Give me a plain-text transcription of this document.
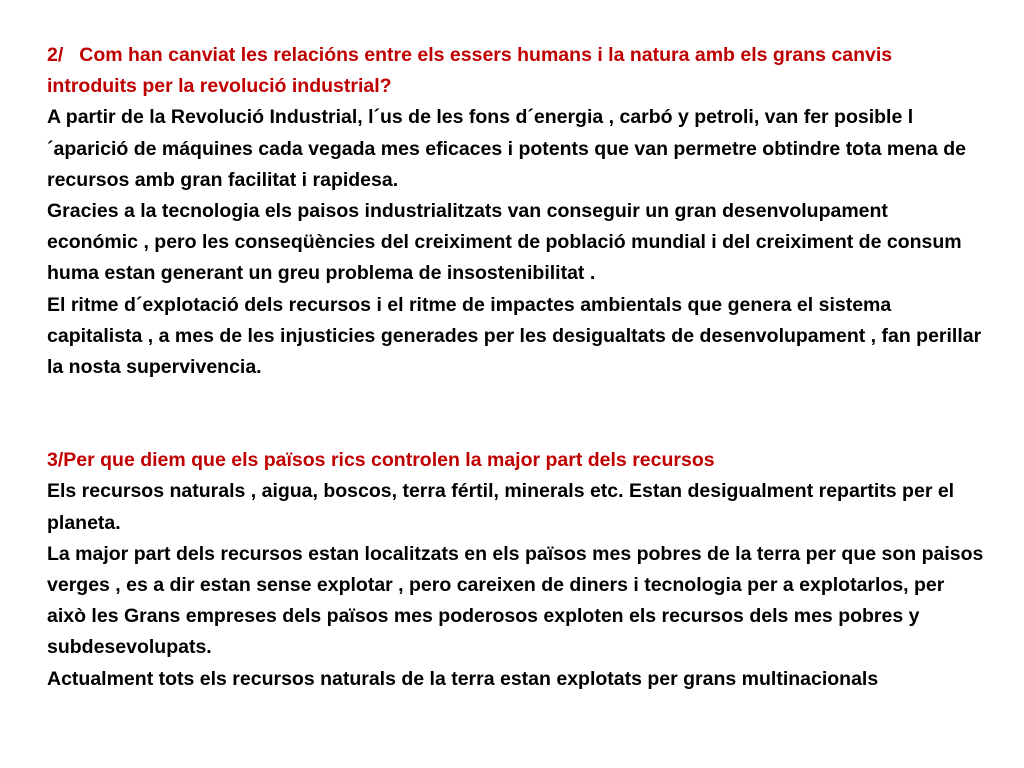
2/ Com han canviat les relacións entre els essers humans i la natura amb els grans canvis introduits per la revolució industrial?
A partir de la Revolució Industrial, l´us de les fons d´energia , carbó y petroli, van fer posible l´aparició de máquines cada vegada mes eficaces i potents que van permetre obtindre tota mena de recursos amb gran facilitat i rapidesa.
Gracies a la tecnologia els paisos industrialitzats van conseguir un gran desenvolupament económic , pero les conseqüències del creiximent de població mundial i del creiximent de consum huma estan generant un greu problema de insostenibilitat .
El ritme d´explotació dels recursos i el ritme de impactes ambientals que genera el sistema capitalista , a mes de les injusticies generades per les desigualtats de desenvolupament , fan perillar la nosta supervivencia.
3/Per que diem que els països rics controlen la major part dels recursos
Els recursos naturals , aigua, boscos, terra fértil, minerals etc. Estan desigualment repartits per el planeta.
La major part dels recursos estan localitzats en els països mes pobres de la terra per que son paisos verges , es a dir estan sense explotar , pero careixen de diners i tecnologia per a explotarlos, per això les Grans empreses dels països mes poderosos exploten els recursos dels mes pobres y subdesevolupats.
Actualment tots els recursos naturals de la terra estan explotats per grans multinacionals
